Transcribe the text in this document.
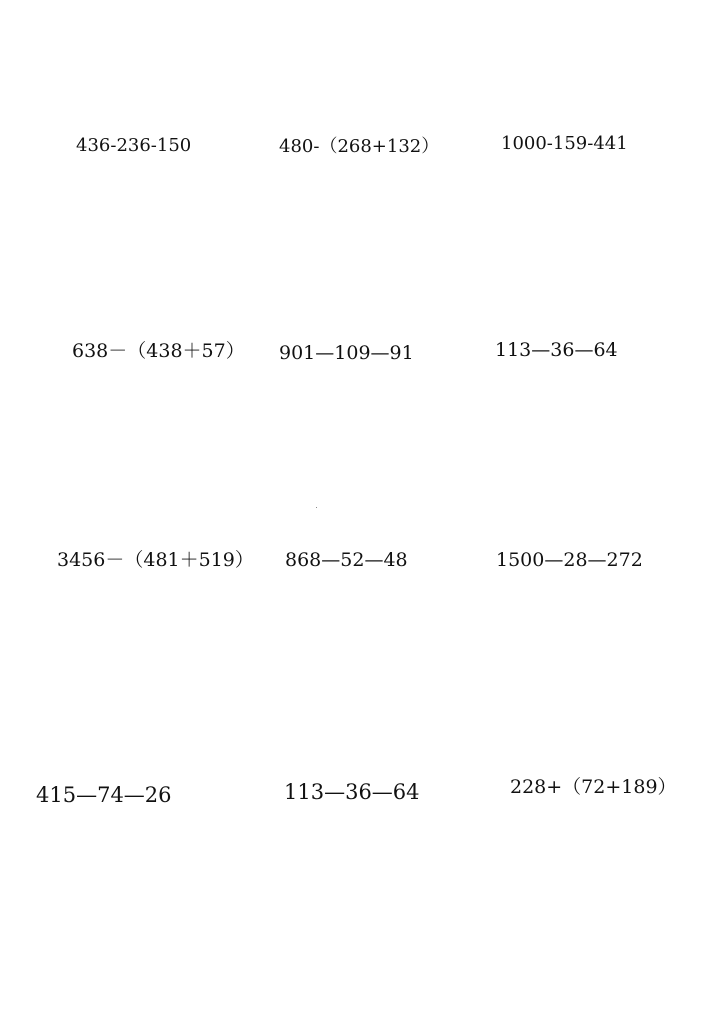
436-236-150	480-（268+132）	1000-159-441
638－（438＋57） 901—109—91	113—36—64
3456－（481＋519） 868—52—48	1500—28—272
415—74—26	113—36—64	228+（72+189）
